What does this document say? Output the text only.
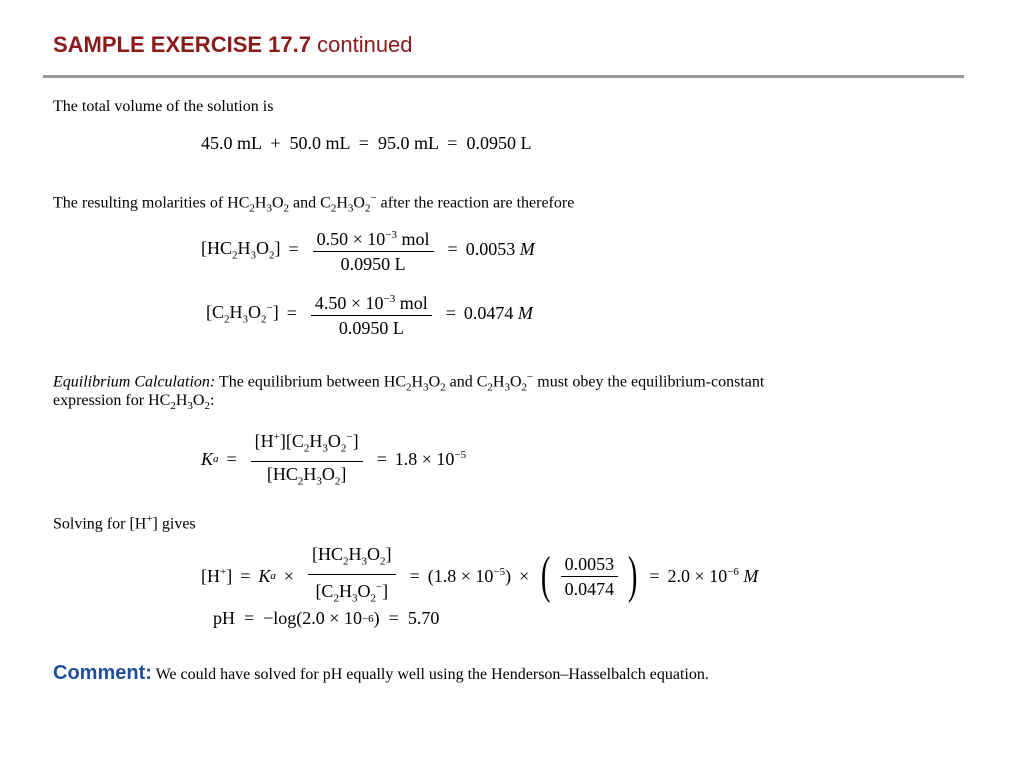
SAMPLE EXERCISE 17.7 continued
The total volume of the solution is
45.0 mL  +  50.0 mL  =  95.0 mL  =  0.0950 L
The resulting molarities of $HC_2H_3O_2$ and $C_2H_3O_2^-$ after the reaction are therefore
$[HC_2H_3O_2] = \frac{0.50 \times 10^{-3} mol}{0.0950 L} = 0.0053$
M
$[C_2H_3O_2^-] = \frac{4.50 \times 10^{-3} mol}{0.0950 L} = 0.0474$
M
Equilibrium Calculation: The equilibrium between $HC_2H_3O_2$ and $C_2H_3O_2^-$ must obey the equilibrium-constant
expression for $HC_2H_3O_2$:
K $a = \frac{[H^+][C_2H_3O_2^-]}{[HC_2H_3O_2]} = 1.8 \times 10^{-5}$
Solving for [H+] gives
[H+] = K $a \times \frac{[HC_2H_3O_2]}{[C_2H_3O_2^-]} = (1.8 \times 10^{-5})$ × ( $\frac{0.0053}{0.0474}$ ) = $2.0 \times 10^{-6}$ M
pH  =  −log(2.0 × 10 −6 )  =  5.70
Comment: We could have solved for pH equally well using the Henderson–Hasselbalch equation.
